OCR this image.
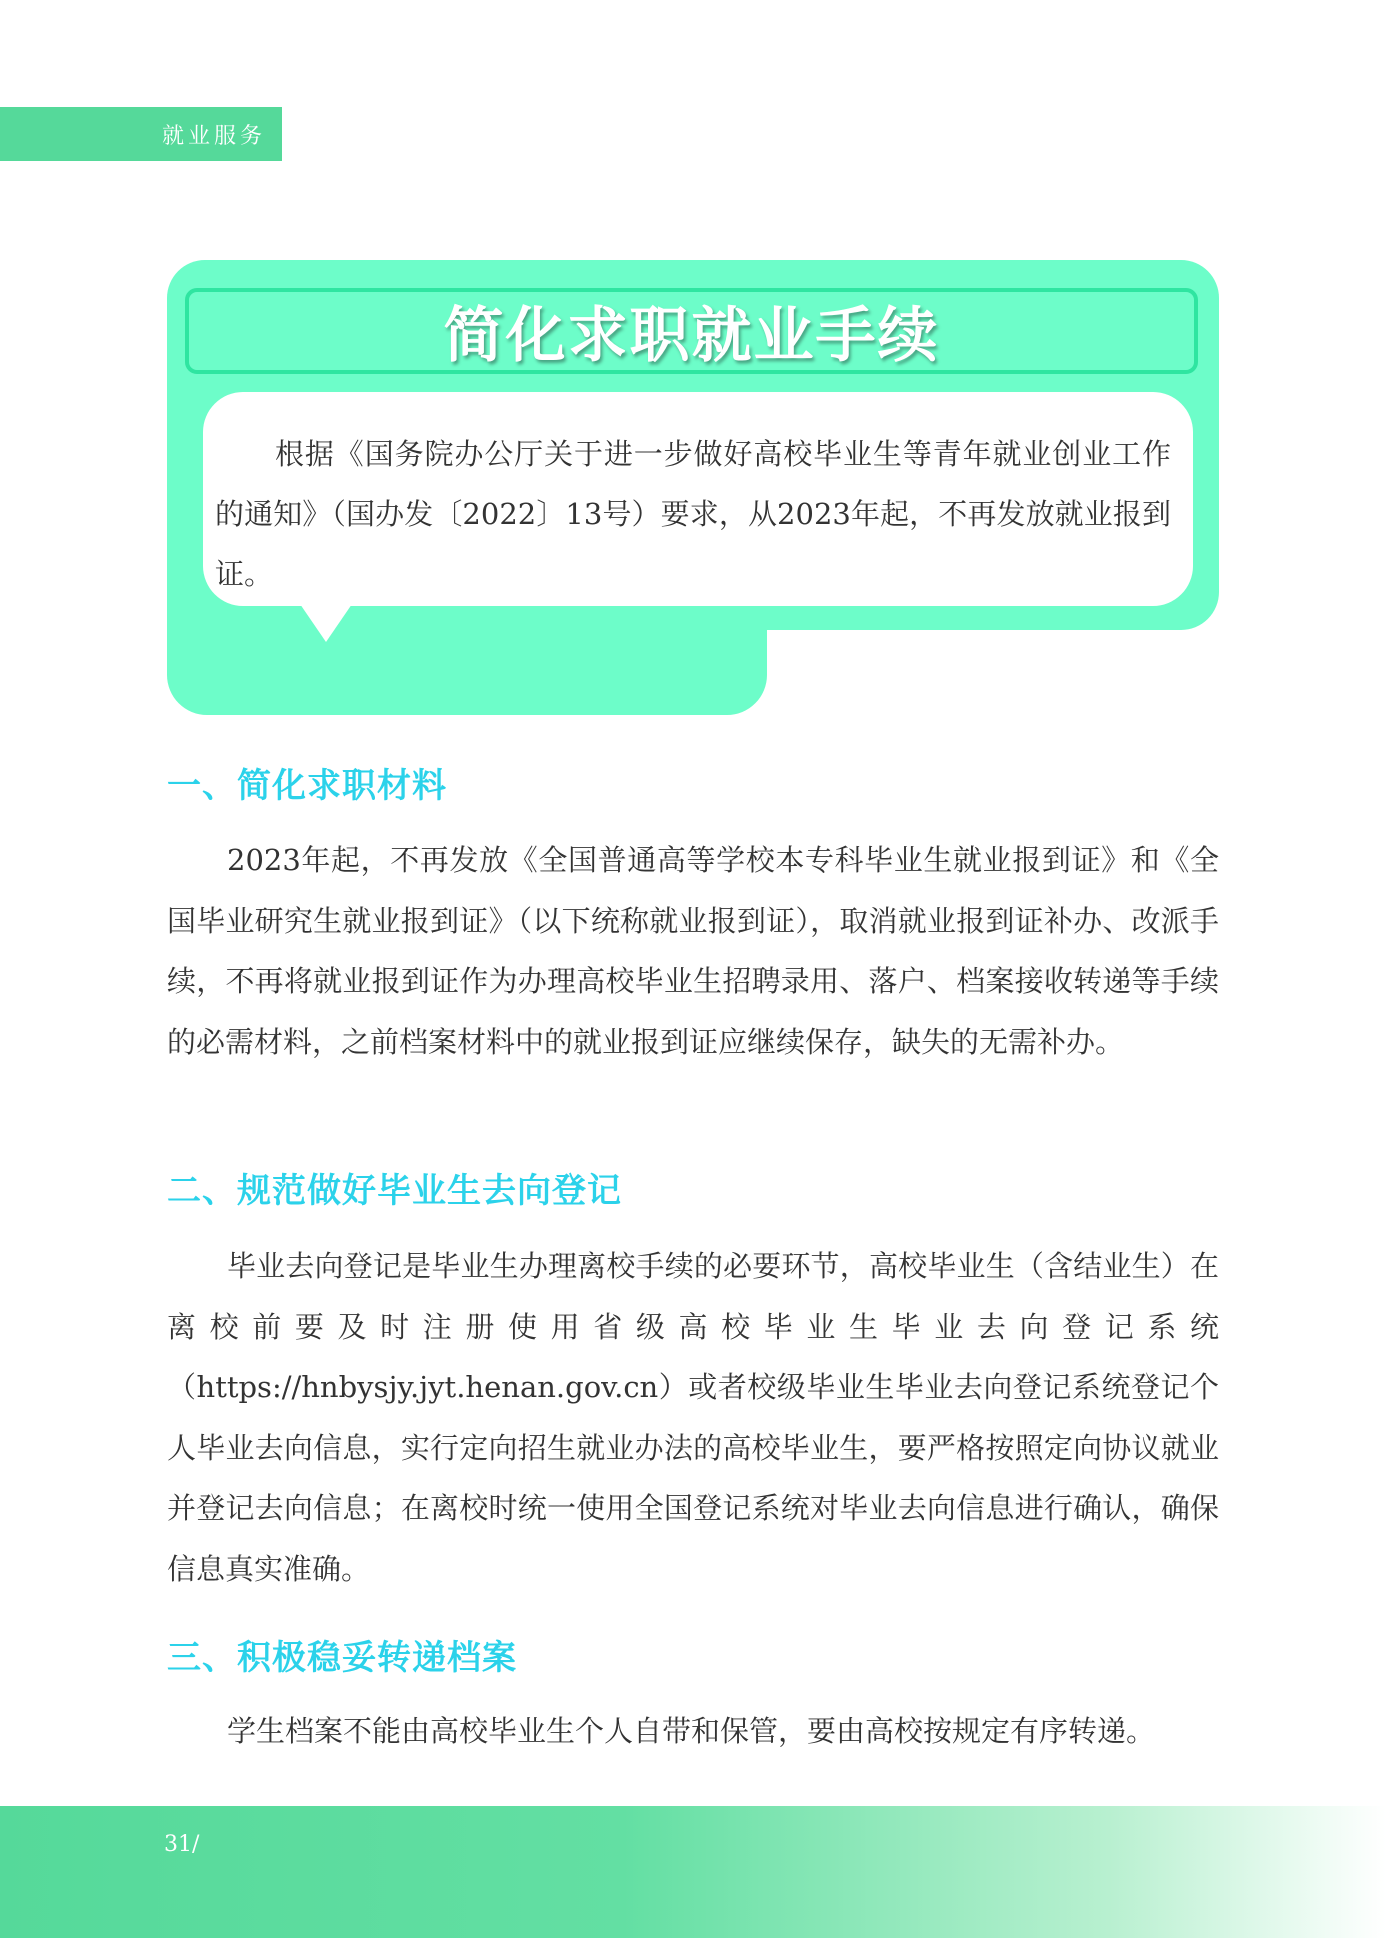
就业服务
简化求职就业手续

根据《国务院办公厅关于进一步做好高校毕业生等青年就业创业工作的通知》（国办发〔2022〕13号）要求，从2023年起，不再发放就业报到证。

一、简化求职材料

2023年起，不再发放《全国普通高等学校本专科毕业生就业报到证》和《全国毕业研究生就业报到证》（以下统称就业报到证），取消就业报到证补办、改派手续，不再将就业报到证作为办理高校毕业生招聘录用、落户、档案接收转递等手续的必需材料，之前档案材料中的就业报到证应继续保存，缺失的无需补办。

二、规范做好毕业生去向登记

毕业去向登记是毕业生办理离校手续的必要环节，高校毕业生（含结业生）在离校前要及时注册使用省级高校毕业生毕业去向登记系统（https://hnbysjy.jyt.henan.gov.cn）或者校级毕业生毕业去向登记系统登记个人毕业去向信息，实行定向招生就业办法的高校毕业生，要严格按照定向协议就业并登记去向信息；在离校时统一使用全国登记系统对毕业去向信息进行确认，确保信息真实准确。

三、积极稳妥转递档案

学生档案不能由高校毕业生个人自带和保管，要由高校按规定有序转递。

31/
